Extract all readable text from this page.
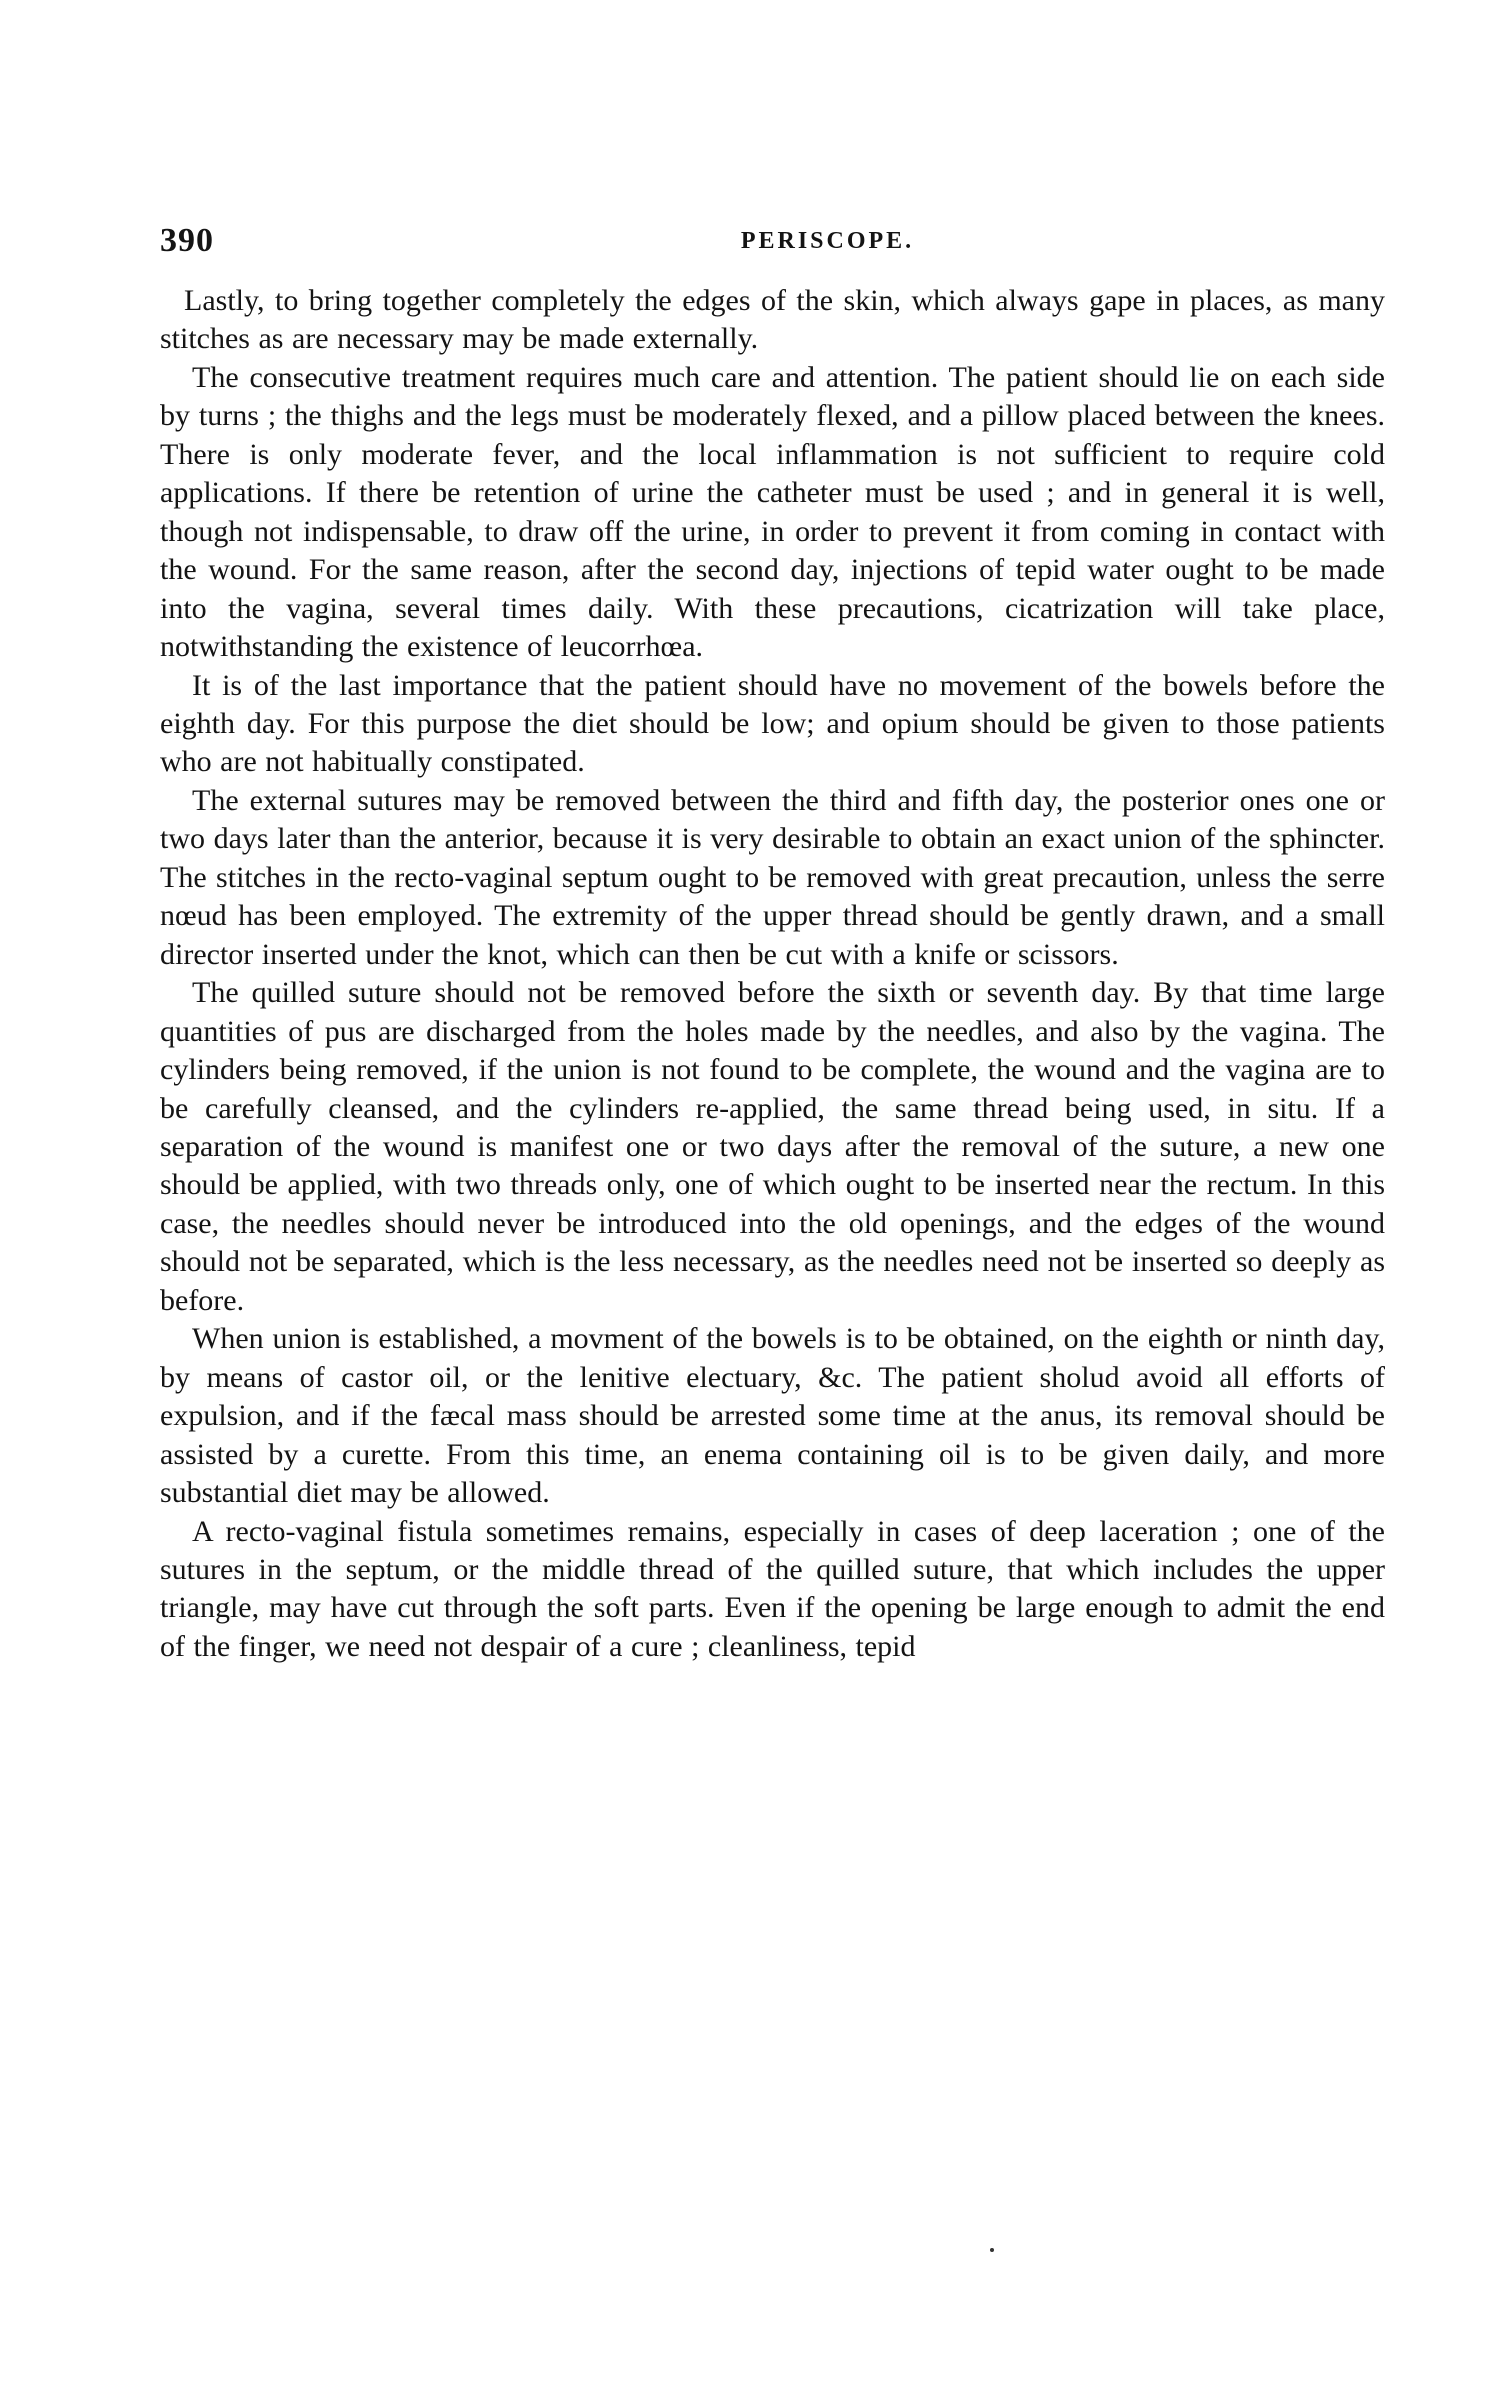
390	PERISCOPE.

Lastly, to bring together completely the edges of the skin, which always gape in places, as many stitches as are necessary may be made externally.

The consecutive treatment requires much care and attention. The patient should lie on each side by turns ; the thighs and the legs must be moderately flexed, and a pillow placed between the knees. There is only moderate fever, and the local inflammation is not sufficient to require cold applications. If there be retention of urine the catheter must be used ; and in general it is well, though not indispensable, to draw off the urine, in order to prevent it from coming in contact with the wound. For the same reason, after the second day, injections of tepid water ought to be made into the vagina, several times daily. With these precautions, cicatrization will take place, notwithstanding the existence of leucorrhœa.

It is of the last importance that the patient should have no movement of the bowels before the eighth day. For this purpose the diet should be low; and opium should be given to those patients who are not habitually constipated.

The external sutures may be removed between the third and fifth day, the posterior ones one or two days later than the anterior, because it is very desirable to obtain an exact union of the sphincter. The stitches in the recto-vaginal septum ought to be removed with great precaution, unless the serre nœud has been employed. The extremity of the upper thread should be gently drawn, and a small director inserted under the knot, which can then be cut with a knife or scissors.

The quilled suture should not be removed before the sixth or seventh day. By that time large quantities of pus are discharged from the holes made by the needles, and also by the vagina. The cylinders being removed, if the union is not found to be complete, the wound and the vagina are to be carefully cleansed, and the cylinders re-applied, the same thread being used, in situ. If a separation of the wound is manifest one or two days after the removal of the suture, a new one should be applied, with two threads only, one of which ought to be inserted near the rectum. In this case, the needles should never be introduced into the old openings, and the edges of the wound should not be separated, which is the less necessary, as the needles need not be inserted so deeply as before.

When union is established, a movment of the bowels is to be obtained, on the eighth or ninth day, by means of castor oil, or the lenitive electuary, &c. The patient sholud avoid all efforts of expulsion, and if the fæcal mass should be arrested some time at the anus, its removal should be assisted by a curette. From this time, an enema containing oil is to be given daily, and more substantial diet may be allowed.

A recto-vaginal fistula sometimes remains, especially in cases of deep laceration ; one of the sutures in the septum, or the middle thread of the quilled suture, that which includes the upper triangle, may have cut through the soft parts. Even if the opening be large enough to admit the end of the finger, we need not despair of a cure ; cleanliness, tepid
